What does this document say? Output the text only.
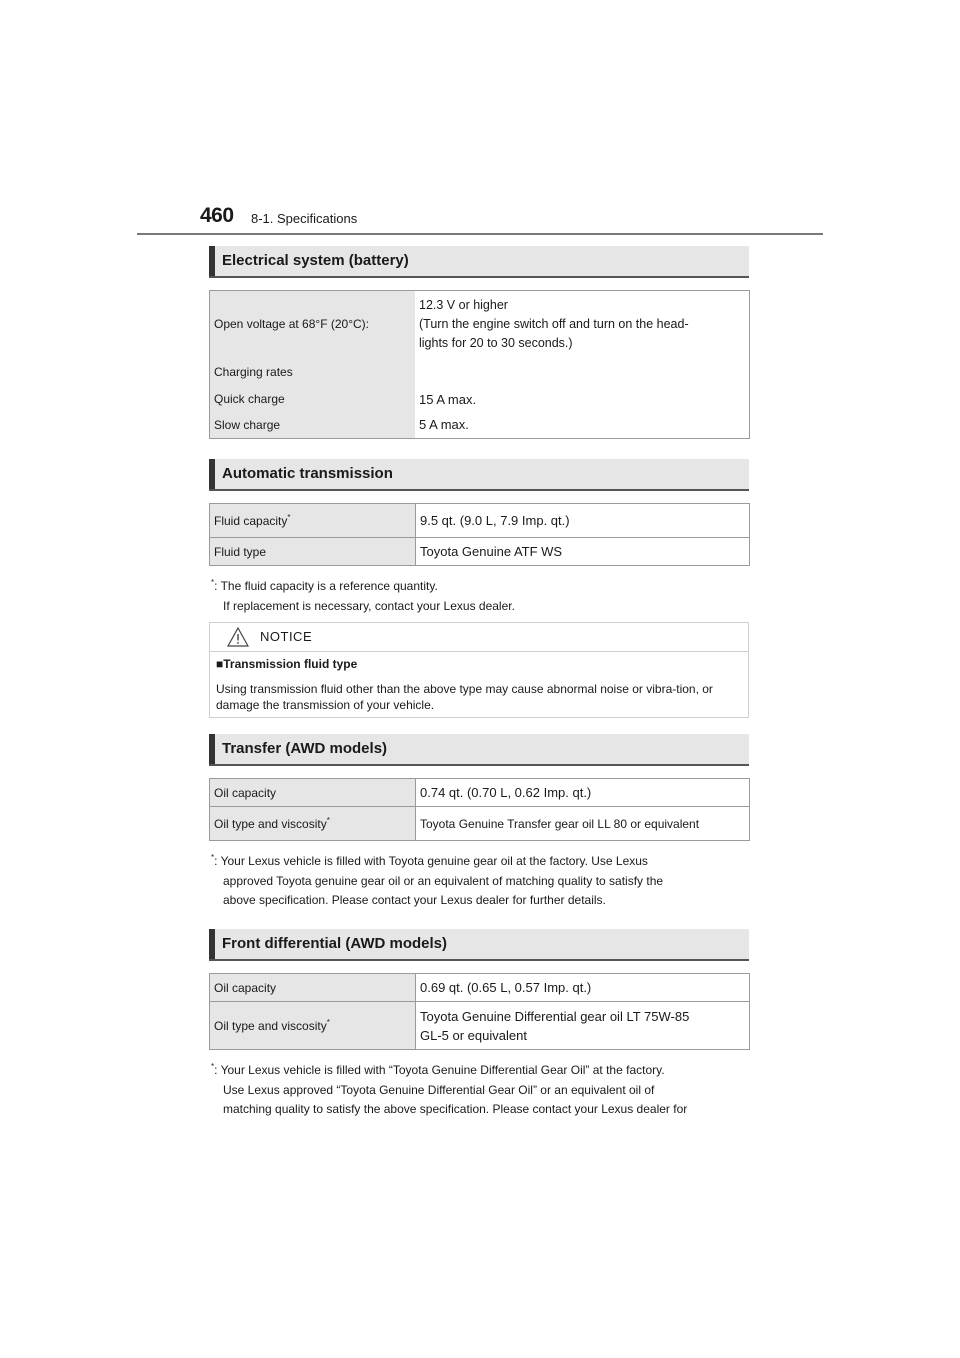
460 8-1. Specifications
Electrical system (battery)
Open voltage at 68°F (20°C):	12.3 V or higher
(Turn the engine switch off and turn on the head-
lights for 20 to 30 seconds.)

Charging rates	
Quick charge	15 A max.
Slow charge	5 A max.
Automatic transmission
Fluid capacity*	9.5 qt. (9.0 L, 7.9 Imp. qt.)
Fluid type	Toyota Genuine ATF WS
*: The fluid capacity is a reference quantity.
If replacement is necessary, contact your Lexus dealer.
NOTICE
■Transmission fluid type
Using transmission fluid other than the above type may cause abnormal noise or vibra-tion, or damage the transmission of your vehicle.
Transfer (AWD models)
Oil capacity	0.74 qt. (0.70 L, 0.62 Imp. qt.)
Oil type and viscosity*	Toyota Genuine Transfer gear oil LL 80 or equivalent
*: Your Lexus vehicle is filled with Toyota genuine gear oil at the factory. Use Lexus
approved Toyota genuine gear oil or an equivalent of matching quality to satisfy the
above specification. Please contact your Lexus dealer for further details.
Front differential (AWD models)
Oil capacity	0.69 qt. (0.65 L, 0.57 Imp. qt.)
Oil type and viscosity*	Toyota Genuine Differential gear oil LT 75W-85
GL-5 or equivalent
*: Your Lexus vehicle is filled with “Toyota Genuine Differential Gear Oil” at the factory.
Use Lexus approved “Toyota Genuine Differential Gear Oil” or an equivalent oil of
matching quality to satisfy the above specification. Please contact your Lexus dealer for
